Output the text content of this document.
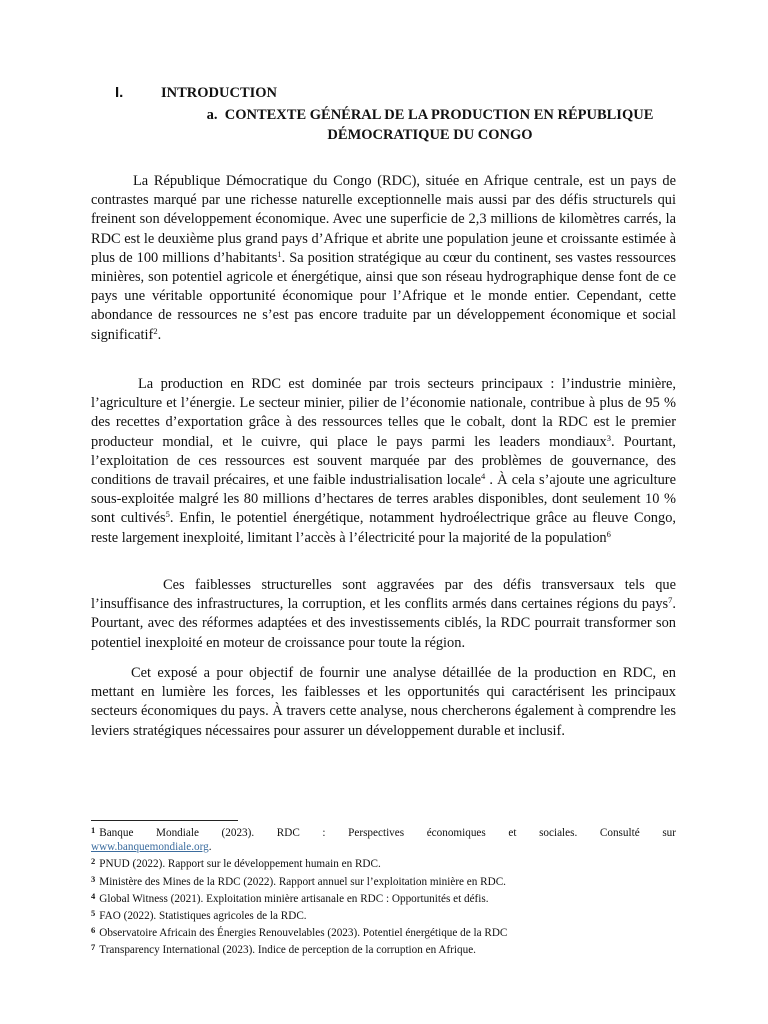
I.	INTRODUCTION
a. CONTEXTE GÉNÉRAL DE LA PRODUCTION EN RÉPUBLIQUE DÉMOCRATIQUE DU CONGO

La République Démocratique du Congo (RDC), située en Afrique centrale, est un pays de contrastes marqué par une richesse naturelle exceptionnelle mais aussi par des défis structurels qui freinent son développement économique. Avec une superficie de 2,3 millions de kilomètres carrés, la RDC est le deuxième plus grand pays d’Afrique et abrite une population jeune et croissante estimée à plus de 100 millions d’habitants$^1$. Sa position stratégique au cœur du continent, ses vastes ressources minières, son potentiel agricole et énergétique, ainsi que son réseau hydrographique dense font de ce pays une véritable opportunité économique pour l’Afrique et le monde entier. Cependant, cette abondance de ressources ne s’est pas encore traduite par un développement économique et social significatif$^2$.

La production en RDC est dominée par trois secteurs principaux : l’industrie minière, l’agriculture et l’énergie. Le secteur minier, pilier de l’économie nationale, contribue à plus de 95 % des recettes d’exportation grâce à des ressources telles que le cobalt, dont la RDC est le premier producteur mondial, et le cuivre, qui place le pays parmi les leaders mondiaux$^3$. Pourtant, l’exploitation de ces ressources est souvent marquée par des problèmes de gouvernance, des conditions de travail précaires, et une faible industrialisation locale$^4$ . À cela s’ajoute une agriculture sous-exploitée malgré les 80 millions d’hectares de terres arables disponibles, dont seulement 10 % sont cultivés$^5$. Enfin, le potentiel énergétique, notamment hydroélectrique grâce au fleuve Congo, reste largement inexploité, limitant l’accès à l’électricité pour la majorité de la population$^6$

Ces faiblesses structurelles sont aggravées par des défis transversaux tels que l’insuffisance des infrastructures, la corruption, et les conflits armés dans certaines régions du pays$^7$. Pourtant, avec des réformes adaptées et des investissements ciblés, la RDC pourrait transformer son potentiel inexploité en moteur de croissance pour toute la région.

Cet exposé a pour objectif de fournir une analyse détaillée de la production en RDC, en mettant en lumière les forces, les faiblesses et les opportunités qui caractérisent les principaux secteurs économiques du pays. À travers cette analyse, nous chercherons également à comprendre les leviers stratégiques nécessaires pour assurer un développement durable et inclusif.

$^1$ Banque Mondiale (2023). RDC : Perspectives économiques et sociales. Consulté sur

www.banquemondiale.org.

$^2$ PNUD (2022). Rapport sur le développement humain en RDC.

$^3$ Ministère des Mines de la RDC (2022). Rapport annuel sur l’exploitation minière en RDC.

$^4$ Global Witness (2021). Exploitation minière artisanale en RDC : Opportunités et défis.

$^5$ FAO (2022). Statistiques agricoles de la RDC.

$^6$ Observatoire Africain des Énergies Renouvelables (2023). Potentiel énergétique de la RDC

$^7$ Transparency International (2023). Indice de perception de la corruption en Afrique.
